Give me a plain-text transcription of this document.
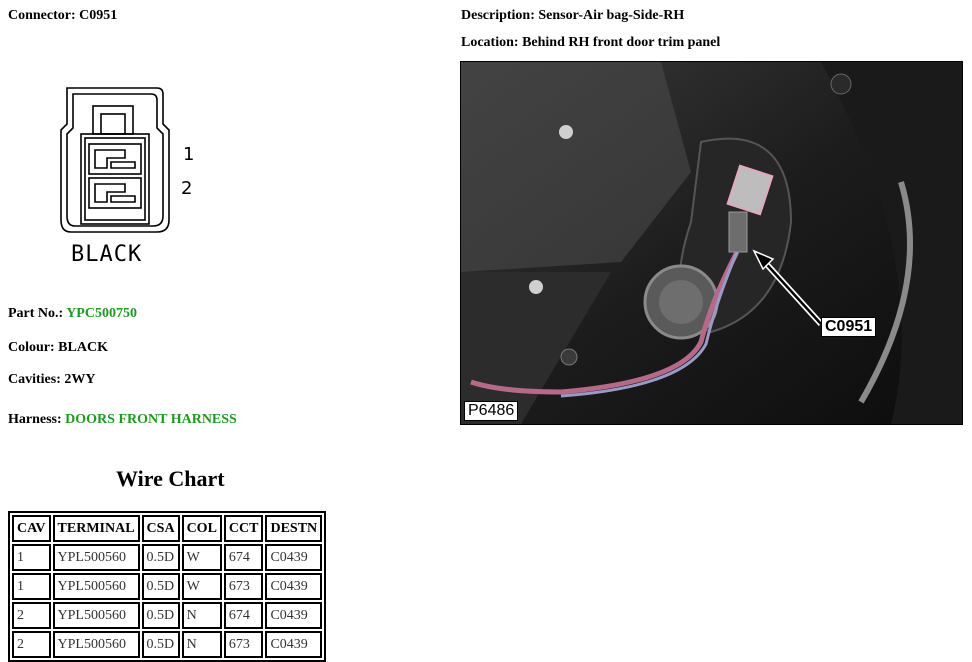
Connector: C0951	Description: Sensor-Air bag-Side-RH
Location: Behind RH front door trim panel
1
2
BLACK
Part No.: YPC500750
Colour: BLACK
Cavities: 2WY
Harness: DOORS FRONT HARNESS
C0951
P6486
Wire Chart
CAV	TERMINAL	CSA	COL	CCT	DESTN
1	YPL500560	0.5D	W	674	C0439
1	YPL500560	0.5D	W	673	C0439
2	YPL500560	0.5D	N	674	C0439
2	YPL500560	0.5D	N	673	C0439
